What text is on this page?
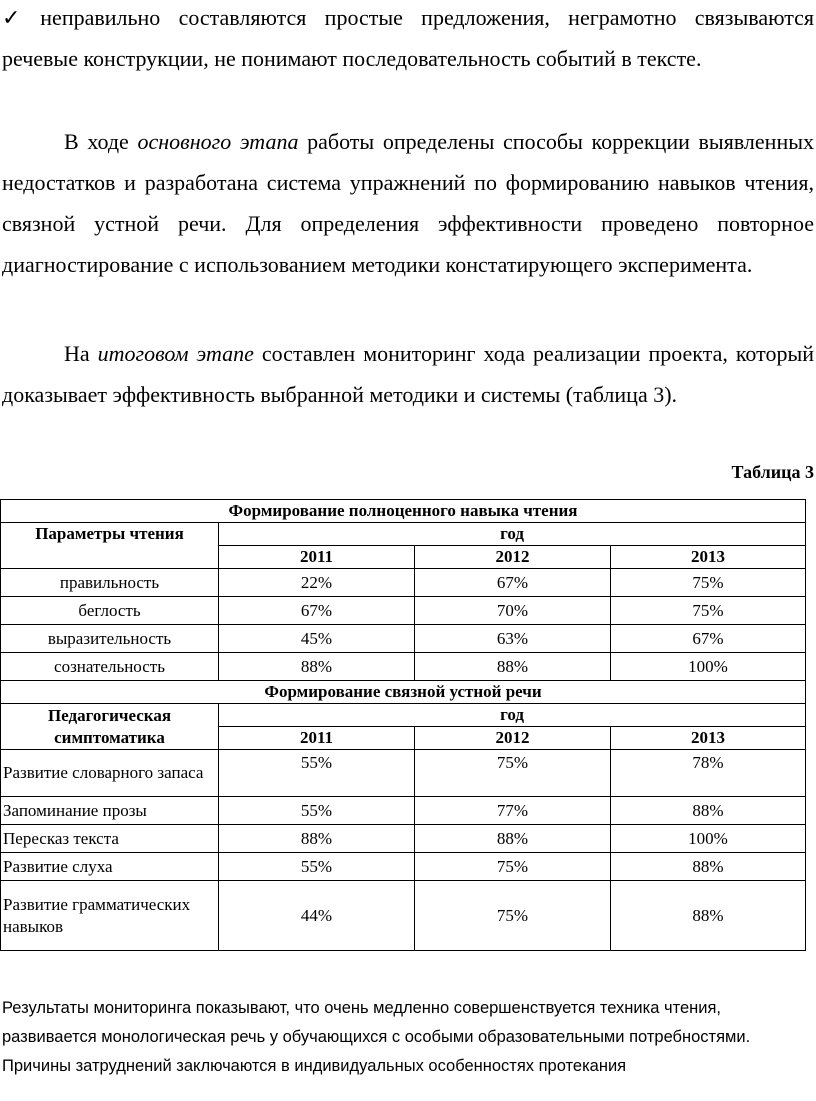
✓ неправильно составляются простые предложения, неграмотно связываются речевые конструкции, не понимают последовательность событий в тексте.
В ходе основного этапа работы определены способы коррекции выявленных недостатков и разработана система упражнений по формированию навыков чтения, связной устной речи. Для определения эффективности проведено повторное диагностирование с использованием методики констатирующего эксперимента.
На итоговом этапе составлен мониторинг хода реализации проекта, который доказывает эффективность выбранной методики и системы (таблица 3).
Таблица 3
Формирование полноценного навыка чтения			
Параметры чтения	год		
	2011	2012	2013
правильность	22%	67%	75%
беглость	67%	70%	75%
выразительность	45%	63%	67%
сознательность	88%	88%	100%
Формирование связной устной речи			
Педагогическая симптоматика	год		
	2011	2012	2013
Развитие словарного запаса	55%	75%	78%
Запоминание прозы	55%	77%	88%
Пересказ текста	88%	88%	100%
Развитие слуха	55%	75%	88%
Развитие грамматических навыков	44%	75%	88%
Результаты мониторинга показывают, что очень медленно совершенствуется техника чтения, развивается монологическая речь у обучающихся с особыми образовательными потребностями. Причины затруднений заключаются в индивидуальных особенностях протекания
